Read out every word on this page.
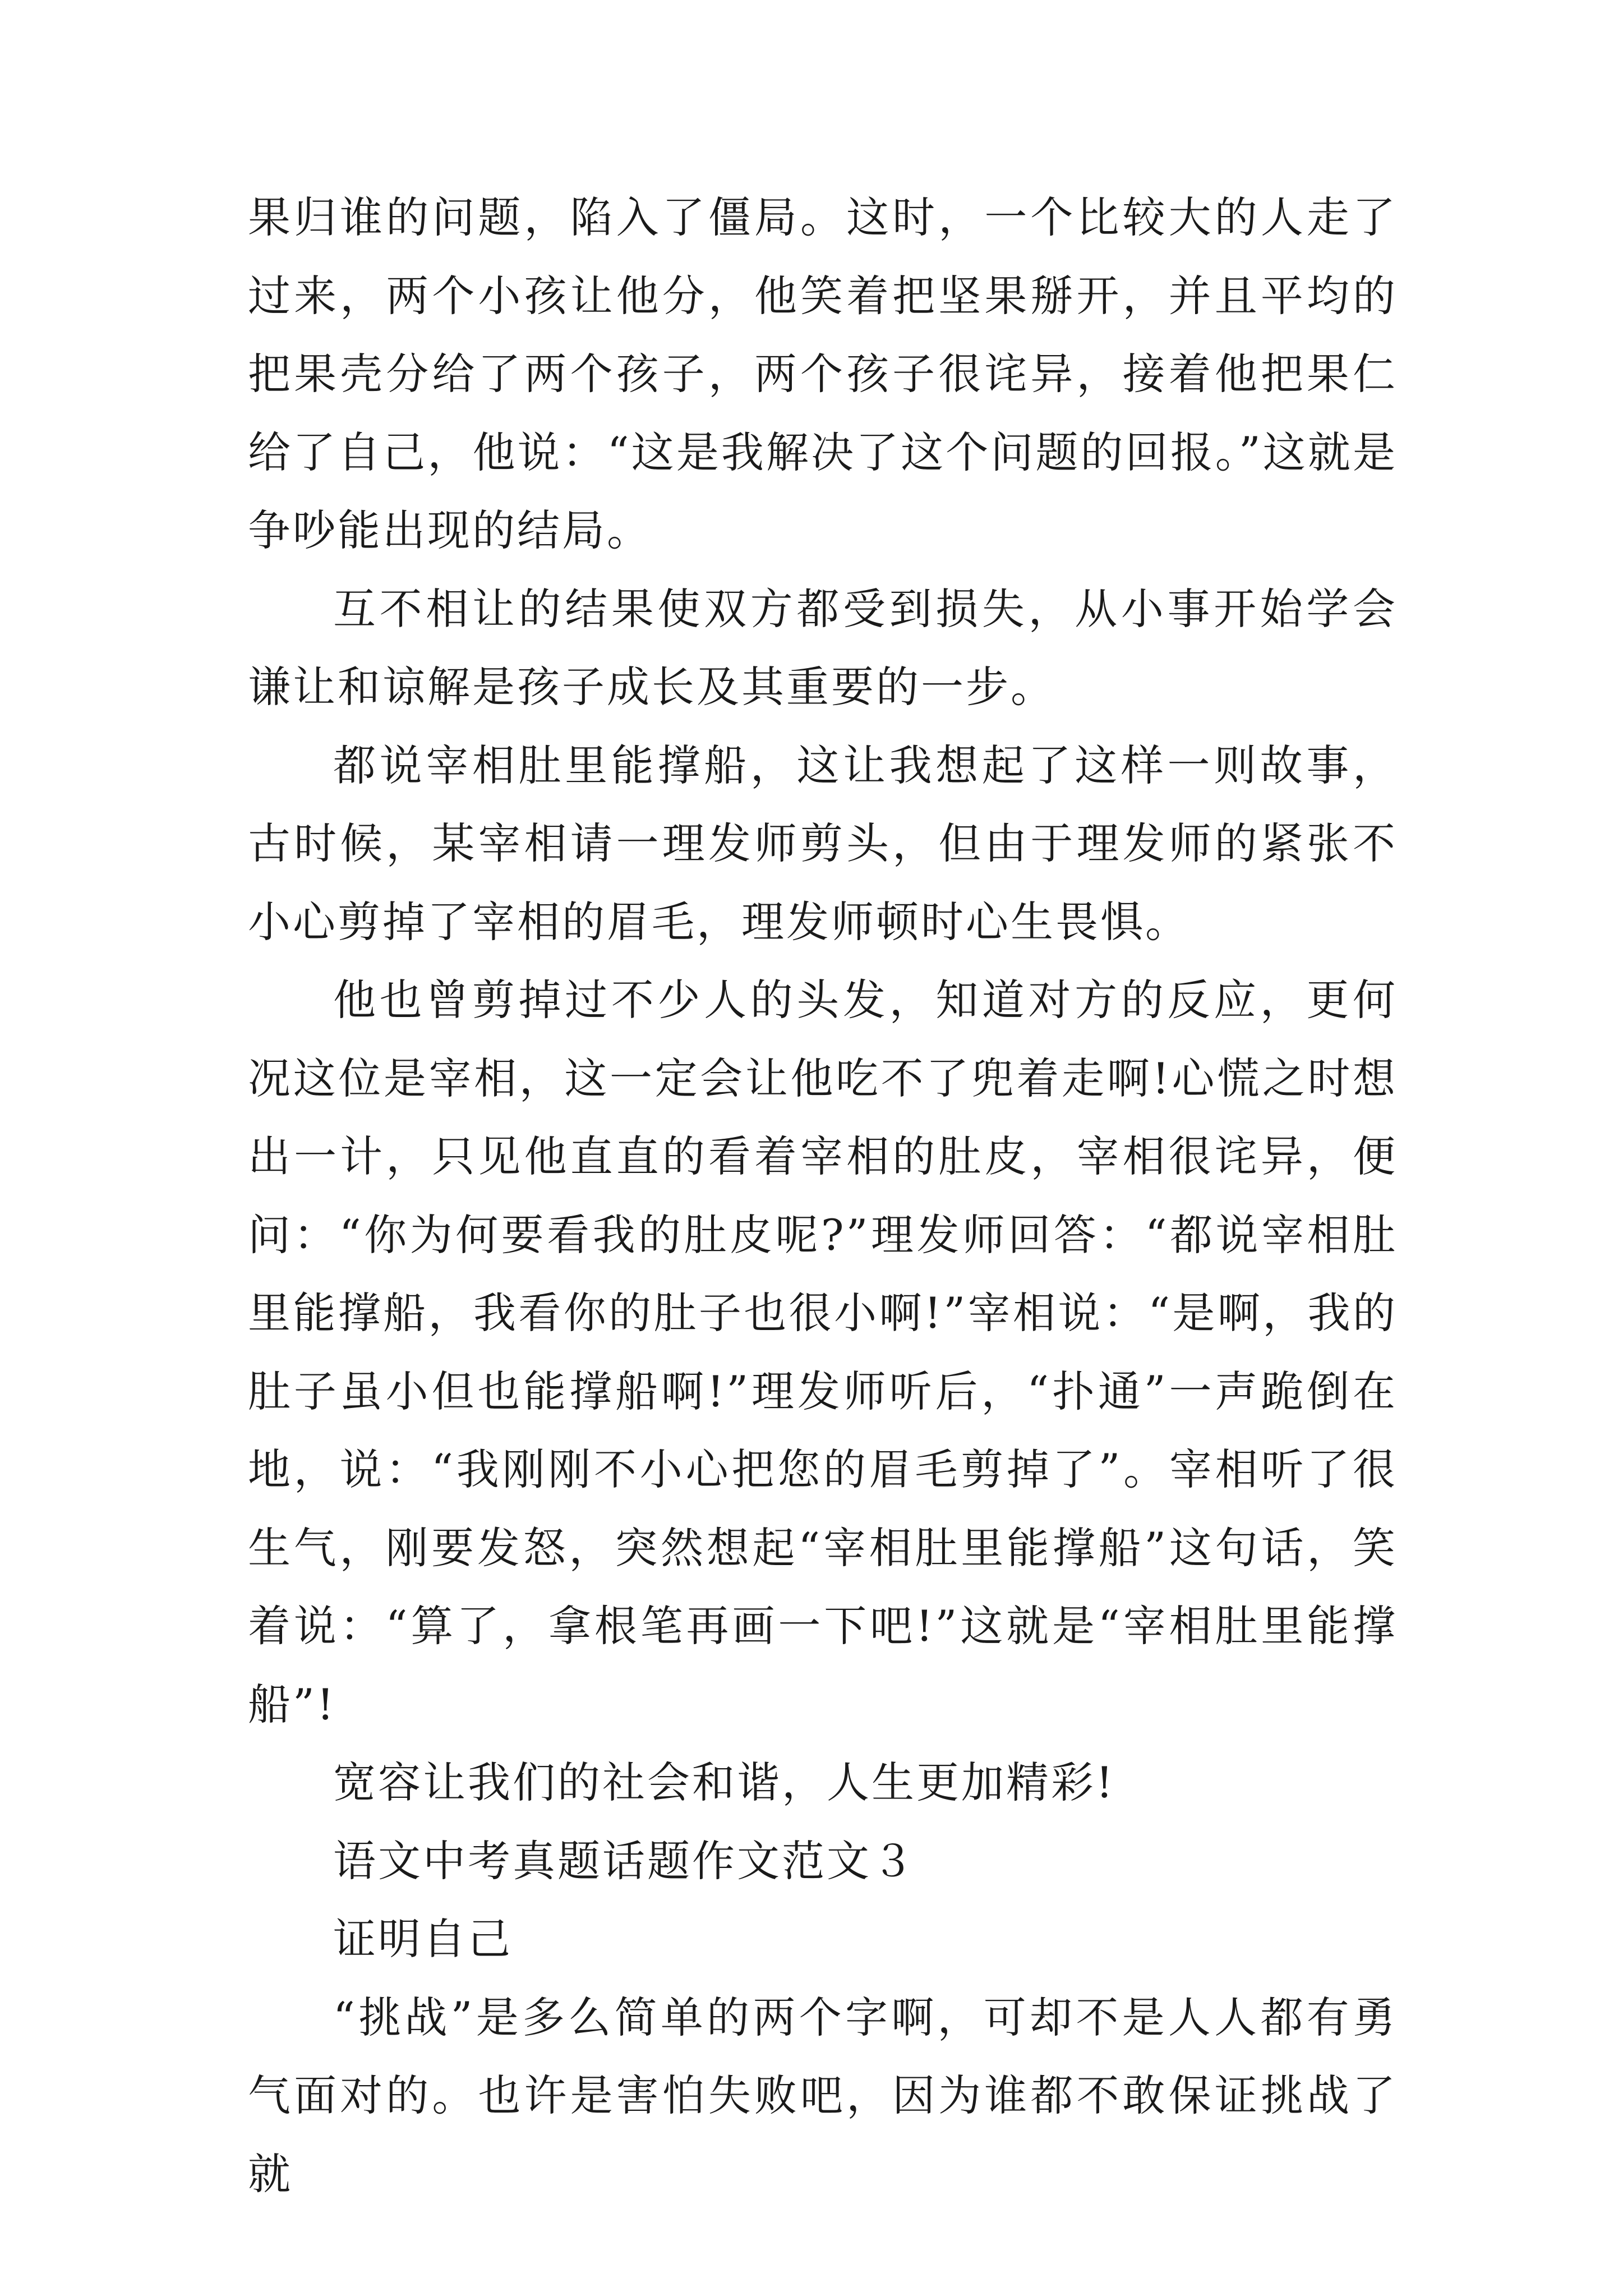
果归谁的问题，陷入了僵局。这时，一个比较大的人走了过来，两个小孩让他分，他笑着把坚果掰开，并且平均的把果壳分给了两个孩子，两个孩子很诧异，接着他把果仁给了自己，他说：“这是我解决了这个问题的回报。”这就是争吵能出现的结局。

互不相让的结果使双方都受到损失，从小事开始学会谦让和谅解是孩子成长及其重要的一步。

都说宰相肚里能撑船，这让我想起了这样一则故事，古时候，某宰相请一理发师剪头，但由于理发师的紧张不小心剪掉了宰相的眉毛，理发师顿时心生畏惧。

他也曾剪掉过不少人的头发，知道对方的反应，更何况这位是宰相，这一定会让他吃不了兜着走啊!心慌之时想出一计，只见他直直的看着宰相的肚皮，宰相很诧异，便问：“你为何要看我的肚皮呢?”理发师回答：“都说宰相肚里能撑船，我看你的肚子也很小啊!”宰相说：“是啊，我的肚子虽小但也能撑船啊!”理发师听后，“扑通”一声跪倒在地，说：“我刚刚不小心把您的眉毛剪掉了”。宰相听了很生气，刚要发怒，突然想起“宰相肚里能撑船”这句话，笑着说：“算了，拿根笔再画一下吧!”这就是“宰相肚里能撑船”!

宽容让我们的社会和谐，人生更加精彩!

语文中考真题话题作文范文３

证明自己

“挑战”是多么简单的两个字啊，可却不是人人都有勇气面对的。也许是害怕失败吧，因为谁都不敢保证挑战了就
